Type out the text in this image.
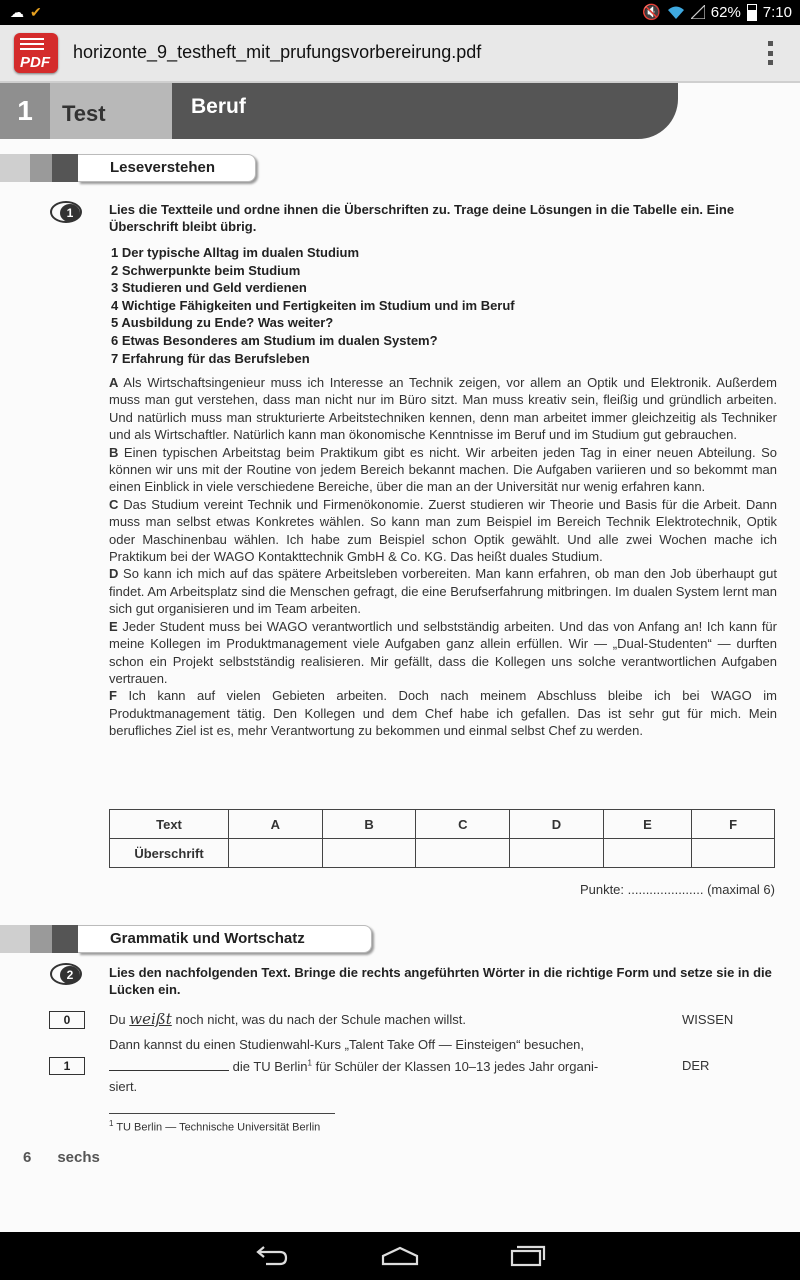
☁ ✔	🔇	62% 7:10
PDF
horizonte_9_testheft_mit_prufungsvorbereirung.pdf
1	Test	Beruf
Leseverstehen
1	Lies die Textteile und ordne ihnen die Überschriften zu. Trage deine Lösungen in die Tabelle ein. Eine Überschrift bleibt übrig.
1 Der typische Alltag im dualen Studium
2 Schwerpunkte beim Studium
3 Studieren und Geld verdienen
4 Wichtige Fähigkeiten und Fertigkeiten im Studium und im Beruf
5 Ausbildung zu Ende? Was weiter?
6 Etwas Besonderes am Studium im dualen System?
7 Erfahrung für das Berufsleben

A Als Wirtschaftsingenieur muss ich Interesse an Technik zeigen, vor allem an Optik und Elektronik. Außerdem muss man gut verstehen, dass man nicht nur im Büro sitzt. Man muss kreativ sein, fleißig und gründlich arbeiten. Und natürlich muss man strukturierte Arbeitstechniken kennen, denn man arbeitet immer gleichzeitig als Techniker und als Wirtschaftler. Natürlich kann man ökonomische Kenntnisse im Beruf und im Studium gut gebrauchen.

B Einen typischen Arbeitstag beim Praktikum gibt es nicht. Wir arbeiten jeden Tag in einer neuen Abteilung. So können wir uns mit der Routine von jedem Bereich bekannt machen. Die Aufgaben variieren und so bekommt man einen Einblick in viele verschiedene Bereiche, über die man an der Universität nur wenig erfahren kann.

C Das Studium vereint Technik und Firmenökonomie. Zuerst studieren wir Theorie und Basis für die Arbeit. Dann muss man selbst etwas Konkretes wählen. So kann man zum Beispiel im Bereich Technik Elektrotechnik, Optik oder Maschinenbau wählen. Ich habe zum Beispiel schon Optik gewählt. Und alle zwei Wochen mache ich Praktikum bei der WAGO Kontakttechnik GmbH & Co. KG. Das heißt duales Studium.

D So kann ich mich auf das spätere Arbeitsleben vorbereiten. Man kann erfahren, ob man den Job überhaupt gut findet. Am Arbeitsplatz sind die Menschen gefragt, die eine Berufserfahrung mitbringen. Im dualen System lernt man sich gut organisieren und im Team arbeiten.

E Jeder Student muss bei WAGO verantwortlich und selbstständig arbeiten. Und das von Anfang an! Ich kann für meine Kollegen im Produktmanagement viele Aufgaben ganz allein erfüllen. Wir — „Dual-Studenten“ — durften schon ein Projekt selbstständig realisieren. Mir gefällt, dass die Kollegen uns solche verantwortlichen Aufgaben vertrauen.

F Ich kann auf vielen Gebieten arbeiten. Doch nach meinem Abschluss bleibe ich bei WAGO im Produktmanagement tätig. Den Kollegen und dem Chef habe ich gefallen. Das ist sehr gut für mich. Mein berufliches Ziel ist es, mehr Verantwortung zu bekommen und einmal selbst Chef zu werden.

Text	A	B	C	D	E	F
Überschrift						
Punkte: ..................... (maximal 6)
Grammatik und Wortschatz
2	Lies den nachfolgenden Text. Bringe die rechts angeführten Wörter in die richtige Form und setze sie in die Lücken ein.
0	Du weißt noch nicht, was du nach der Schule machen willst.	WISSEN
Dann kannst du einen Studienwahl-Kurs „Talent Take Off — Einsteigen“ besuchen,
1	die TU Berlin$^1$ für Schüler der Klassen 10–13 jedes Jahr organi-	DER
siert.
$^1$ TU Berlin — Technische Universität Berlin
6 sechs
